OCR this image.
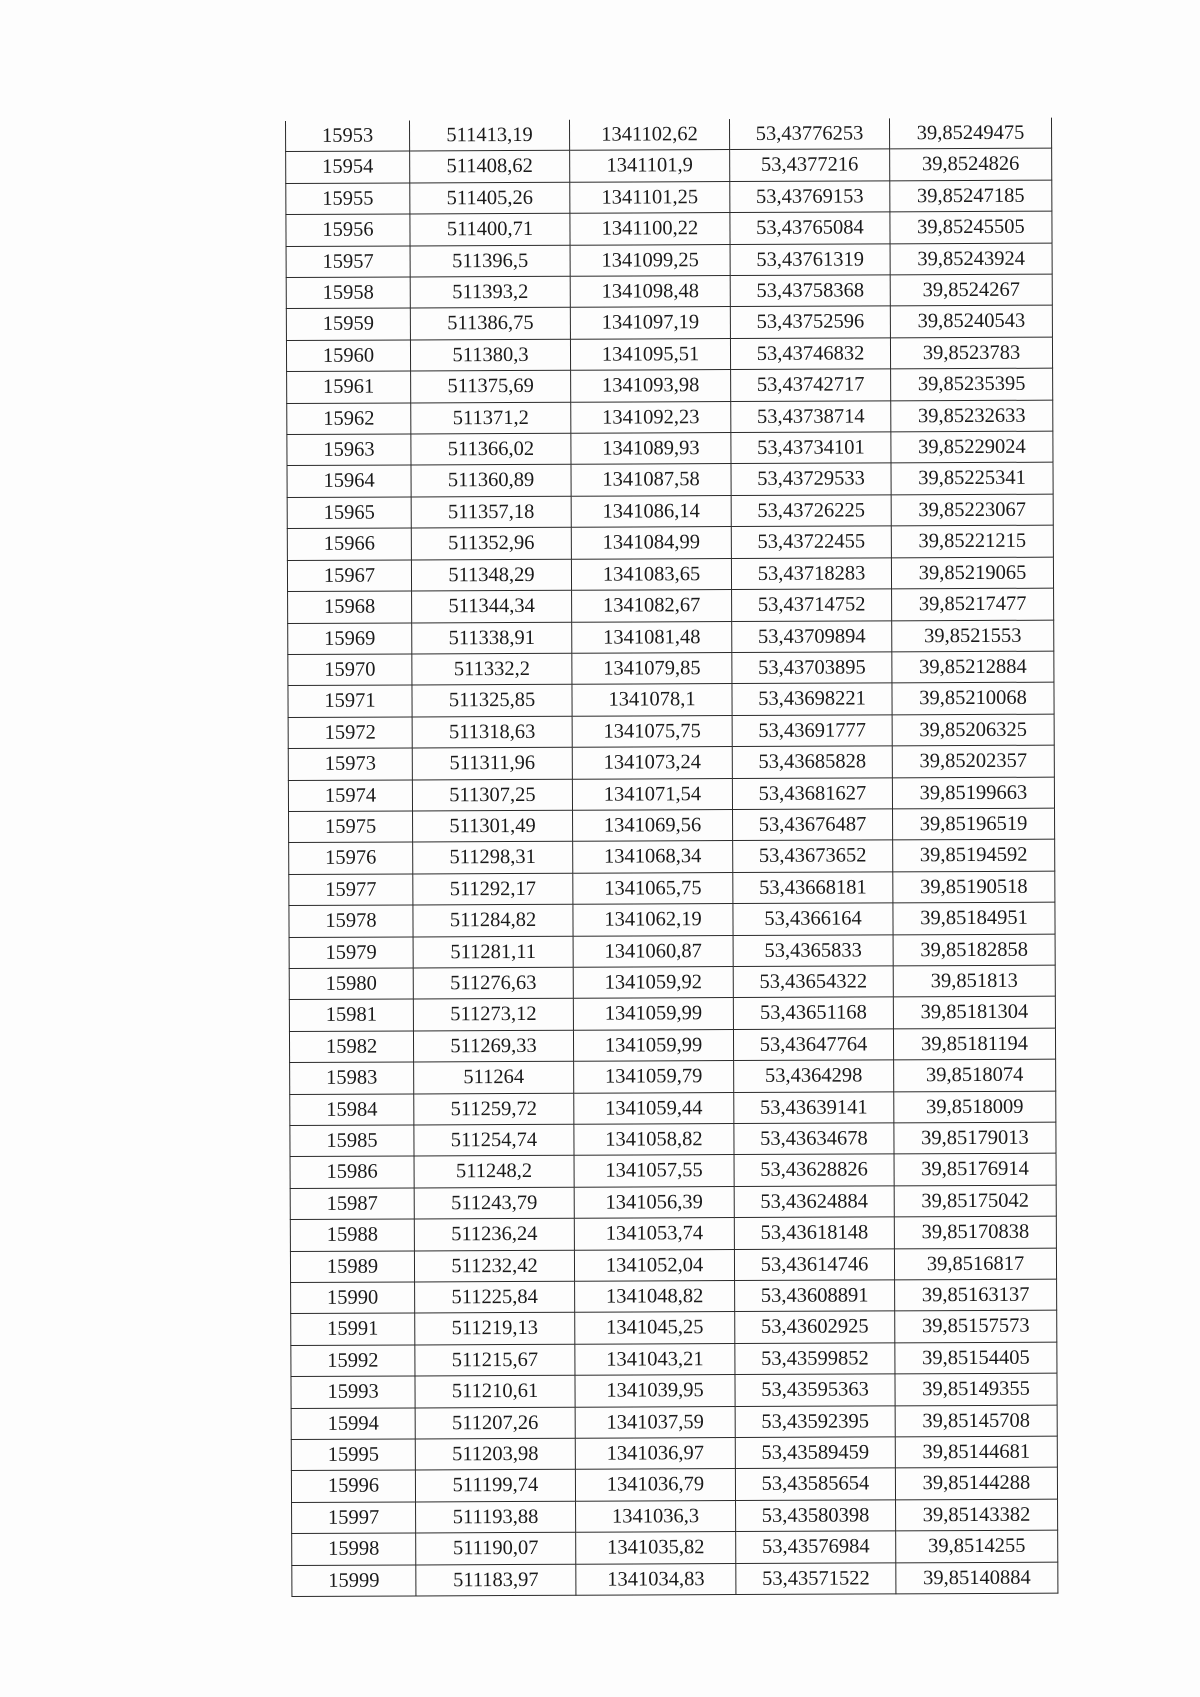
15953	511413,19	1341102,62	53,43776253	39,85249475
15954	511408,62	1341101,9	53,4377216	39,8524826
15955	511405,26	1341101,25	53,43769153	39,85247185
15956	511400,71	1341100,22	53,43765084	39,85245505
15957	511396,5	1341099,25	53,43761319	39,85243924
15958	511393,2	1341098,48	53,43758368	39,8524267
15959	511386,75	1341097,19	53,43752596	39,85240543
15960	511380,3	1341095,51	53,43746832	39,8523783
15961	511375,69	1341093,98	53,43742717	39,85235395
15962	511371,2	1341092,23	53,43738714	39,85232633
15963	511366,02	1341089,93	53,43734101	39,85229024
15964	511360,89	1341087,58	53,43729533	39,85225341
15965	511357,18	1341086,14	53,43726225	39,85223067
15966	511352,96	1341084,99	53,43722455	39,85221215
15967	511348,29	1341083,65	53,43718283	39,85219065
15968	511344,34	1341082,67	53,43714752	39,85217477
15969	511338,91	1341081,48	53,43709894	39,8521553
15970	511332,2	1341079,85	53,43703895	39,85212884
15971	511325,85	1341078,1	53,43698221	39,85210068
15972	511318,63	1341075,75	53,43691777	39,85206325
15973	511311,96	1341073,24	53,43685828	39,85202357
15974	511307,25	1341071,54	53,43681627	39,85199663
15975	511301,49	1341069,56	53,43676487	39,85196519
15976	511298,31	1341068,34	53,43673652	39,85194592
15977	511292,17	1341065,75	53,43668181	39,85190518
15978	511284,82	1341062,19	53,4366164	39,85184951
15979	511281,11	1341060,87	53,4365833	39,85182858
15980	511276,63	1341059,92	53,43654322	39,851813
15981	511273,12	1341059,99	53,43651168	39,85181304
15982	511269,33	1341059,99	53,43647764	39,85181194
15983	511264	1341059,79	53,4364298	39,8518074
15984	511259,72	1341059,44	53,43639141	39,8518009
15985	511254,74	1341058,82	53,43634678	39,85179013
15986	511248,2	1341057,55	53,43628826	39,85176914
15987	511243,79	1341056,39	53,43624884	39,85175042
15988	511236,24	1341053,74	53,43618148	39,85170838
15989	511232,42	1341052,04	53,43614746	39,8516817
15990	511225,84	1341048,82	53,43608891	39,85163137
15991	511219,13	1341045,25	53,43602925	39,85157573
15992	511215,67	1341043,21	53,43599852	39,85154405
15993	511210,61	1341039,95	53,43595363	39,85149355
15994	511207,26	1341037,59	53,43592395	39,85145708
15995	511203,98	1341036,97	53,43589459	39,85144681
15996	511199,74	1341036,79	53,43585654	39,85144288
15997	511193,88	1341036,3	53,43580398	39,85143382
15998	511190,07	1341035,82	53,43576984	39,8514255
15999	511183,97	1341034,83	53,43571522	39,85140884
